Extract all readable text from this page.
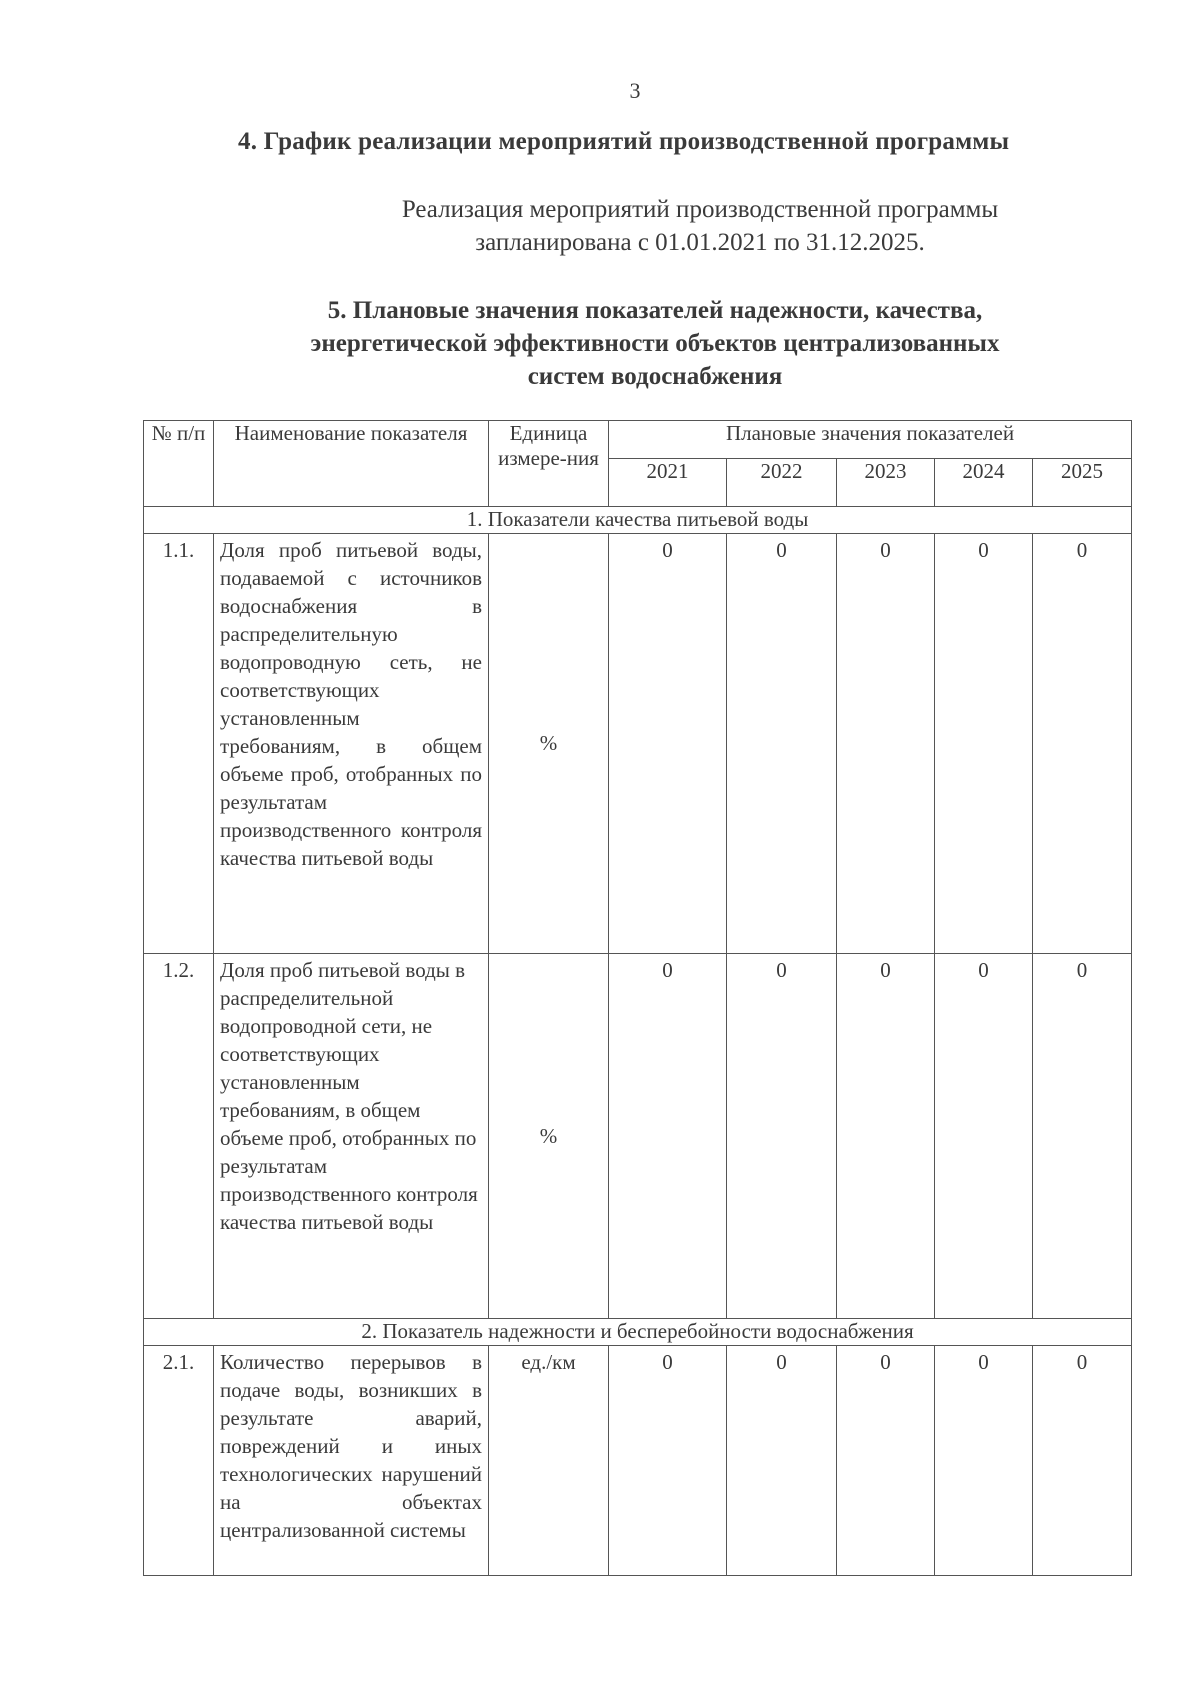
3
4. График реализации мероприятий производственной программы
Реализация мероприятий производственной программы
запланирована с 01.01.2021 по 31.12.2025.
5. Плановые значения показателей надежности, качества,
энергетической эффективности объектов централизованных
систем водоснабжения
№ п/п	Наименование показателя	Единица измере-ния	Плановые значения показателей				
			2021	2022	2023	2024	2025
1. Показатели качества питьевой воды							
1.1.	Доля проб питьевой воды, подаваемой с источников водоснабжения в распределительную водопроводную сеть, не соответствующих установленным требованиям, в общем объеме проб, отобранных по результатам производственного контроля качества питьевой воды	%	0	0	0	0	0
1.2.	Доля проб питьевой воды в распределительной водопроводной сети, не соответствующих установленным требованиям, в общем объеме проб, отобранных по результатам производственного контроля качества питьевой воды	%	0	0	0	0	0
2. Показатель надежности и бесперебойности водоснабжения							
2.1.	Количество перерывов в подаче воды, возникших в результате аварий, повреждений и иных технологических нарушений на объектах централизованной системы	ед./км	0	0	0	0	0
